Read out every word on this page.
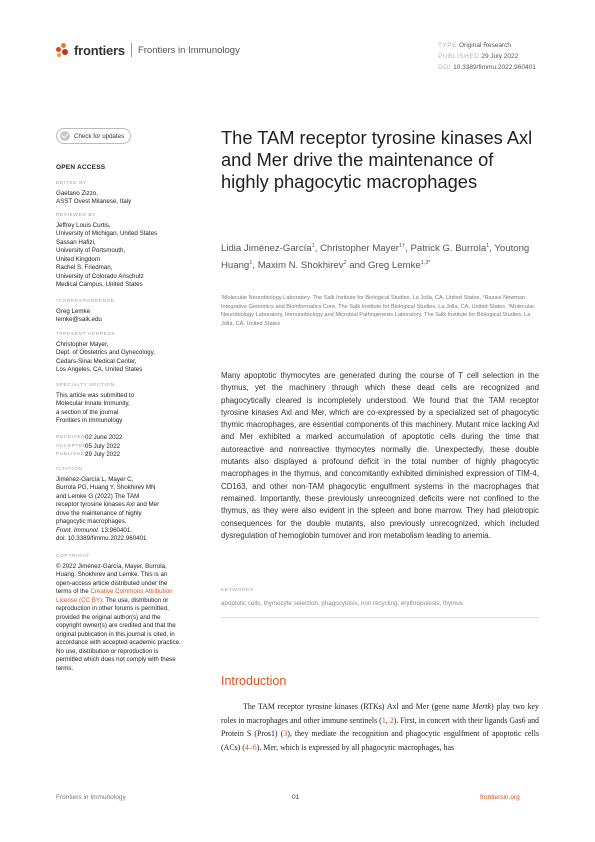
frontiers Frontiers in Immunology	TYPE Original Research
PUBLISHED 29 July 2022
DOI 10.3389/fimmu.2022.960401
Check for updates
OPEN ACCESS
EDITED BY

Gaetano Zizzo,

ASST Ovest Milanese, Italy

REVIEWED BY

Jeffrey Louis Curtis,

University of Michigan, United States

Sassan Hafizi,

University of Portsmouth,

United Kingdom

Rachel S. Friedman,

University of Colorado Anschutz

Medical Campus, United States

*CORRESPONDENCE

Greg Lemke

lemke@salk.edu

†PRESENT ADDRESS

Christopher Mayer,

Dept. of Obstetrics and Gynecology,

Cedars-Sinai Medical Center,

Los Angeles, CA, United States

SPECIALTY SECTION

This article was submitted to

Molecular Innate Immunity,

a section of the journal

Frontiers in Immunology

RECEIVED 02 June 2022
ACCEPTED
05 July 2022
PUBLISHED
29 July 2022
CITATION

Jiménez-García L, Mayer C,

Burrola PG, Huang Y, Shokhirev MN

and Lemke G (2022) The TAM

receptor tyrosine kinases Axl and Mer

drive the maintenance of highly

phagocytic macrophages.

Front. Immunol. 13:960401.

doi: 10.3389/fimmu.2022.960401

COPYRIGHT

© 2022 Jiménez-García, Mayer, Burrola, Huang, Shokhirev and Lemke. This is an open-access article distributed under the terms of the Creative Commons Attribution License (CC BY). The use, distribution or reproduction in other forums is permitted, provided the original author(s) and the copyright owner(s) are credited and that the original publication in this journal is cited, in accordance with accepted academic practice. No use, distribution or reproduction is permitted which does not comply with these terms.

The TAM receptor tyrosine kinases Axl and Mer drive the maintenance of highly phagocytic macrophages
Lidia Jiménez-García$^1$, Christopher Mayer$^{1\dagger}$, Patrick G. Burrola$^1$, Youtong Huang$^1$, Maxim N. Shokhirev$^2$ and Greg Lemke$^{1,3*}$
¹Molecular Neurobiology Laboratory, The Salk Institute for Biological Studies, La Jolla, CA, United States, ²Razavi Newman Integrative Genomics and Bioinformatics Core, The Salk Institute for Biological Studies, La Jolla, CA, United States, ³Molecular Neurobiology Laboratory, Immunobiology and Microbial Pathogenesis Laboratory, The Salk Institute for Biological Studies, La Jolla, CA, United States
Many apoptotic thymocytes are generated during the course of T cell selection in the thymus, yet the machinery through which these dead cells are recognized and phagocytically cleared is incompletely understood. We found that the TAM receptor tyrosine kinases Axl and Mer, which are co-expressed by a specialized set of phagocytic thymic macrophages, are essential components of this machinery. Mutant mice lacking Axl and Mer exhibited a marked accumulation of apoptotic cells during the time that autoreactive and nonreactive thymocytes normally die. Unexpectedly, these double mutants also displayed a profound deficit in the total number of highly phagocytic macrophages in the thymus, and concomitantly exhibited diminished expression of TIM-4, CD163, and other non-TAM phagocytic engulfment systems in the macrophages that remained. Importantly, these previously unrecognized deficits were not confined to the thymus, as they were also evident in the spleen and bone marrow. They had pleiotropic consequences for the double mutants, also previously unrecognized, which included dysregulation of hemoglobin turnover and iron metabolism leading to anemia.
KEYWORDS
apoptotic cells, thymocyte selection, phagocytosis, iron recycling, erythropoiesis, thymus
Introduction
The TAM receptor tyrosine kinases (RTKs) Axl and Mer (gene name Mertk) play two key roles in macrophages and other immune sentinels (1, 2). First, in concert with their ligands Gas6 and Protein S (Pros1) (3), they mediate the recognition and phagocytic engulfment of apoptotic cells (ACs) (4–6). Mer, which is expressed by all phagocytic macrophages, has
Frontiers in Immunology	01	frontiersin.org
